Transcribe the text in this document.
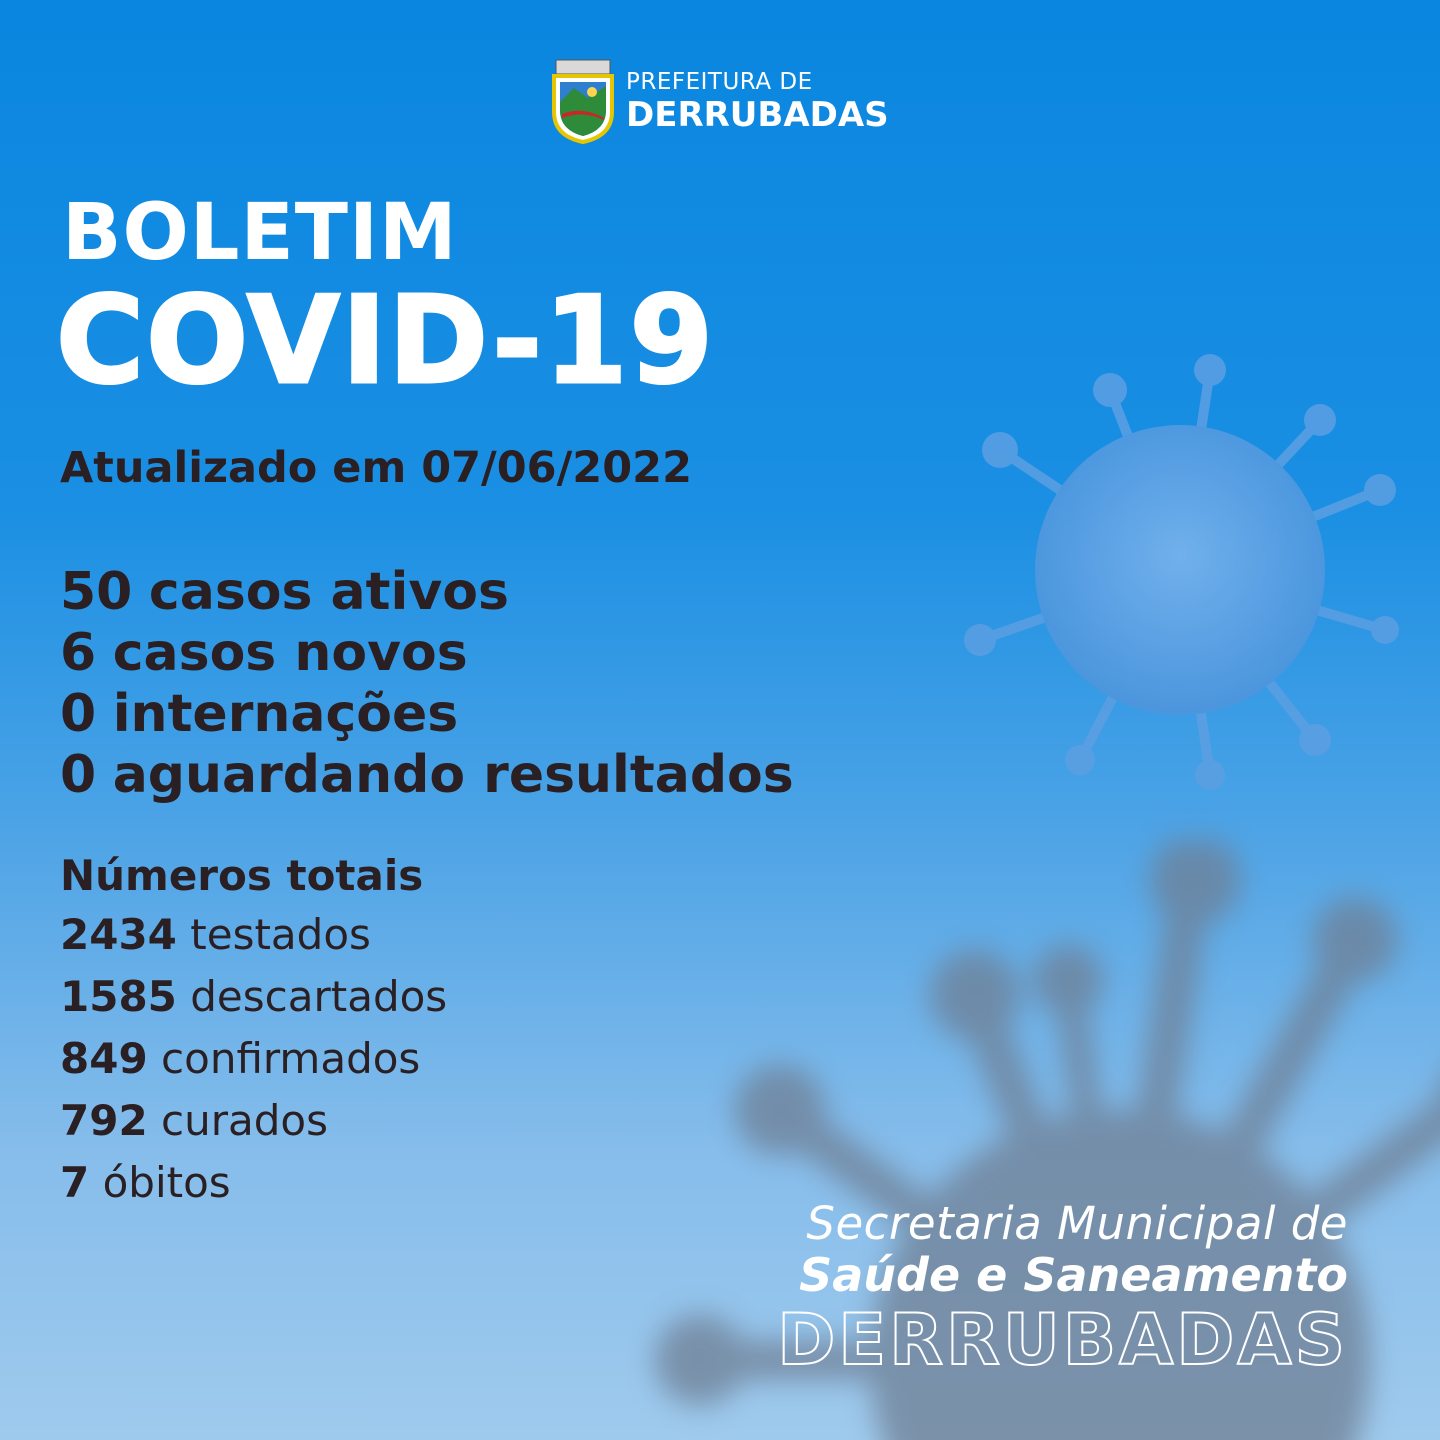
PREFEITURA DE
DERRUBADAS
BOLETIM
COVID-19
Atualizado em 07/06/2022
50 casos ativos
6 casos novos
0 internações
0 aguardando resultados
Números totais
2434 testados
1585 descartados
849 confirmados
792 curados
7 óbitos
Secretaria Municipal de
Saúde e Saneamento
DERRUBADAS
